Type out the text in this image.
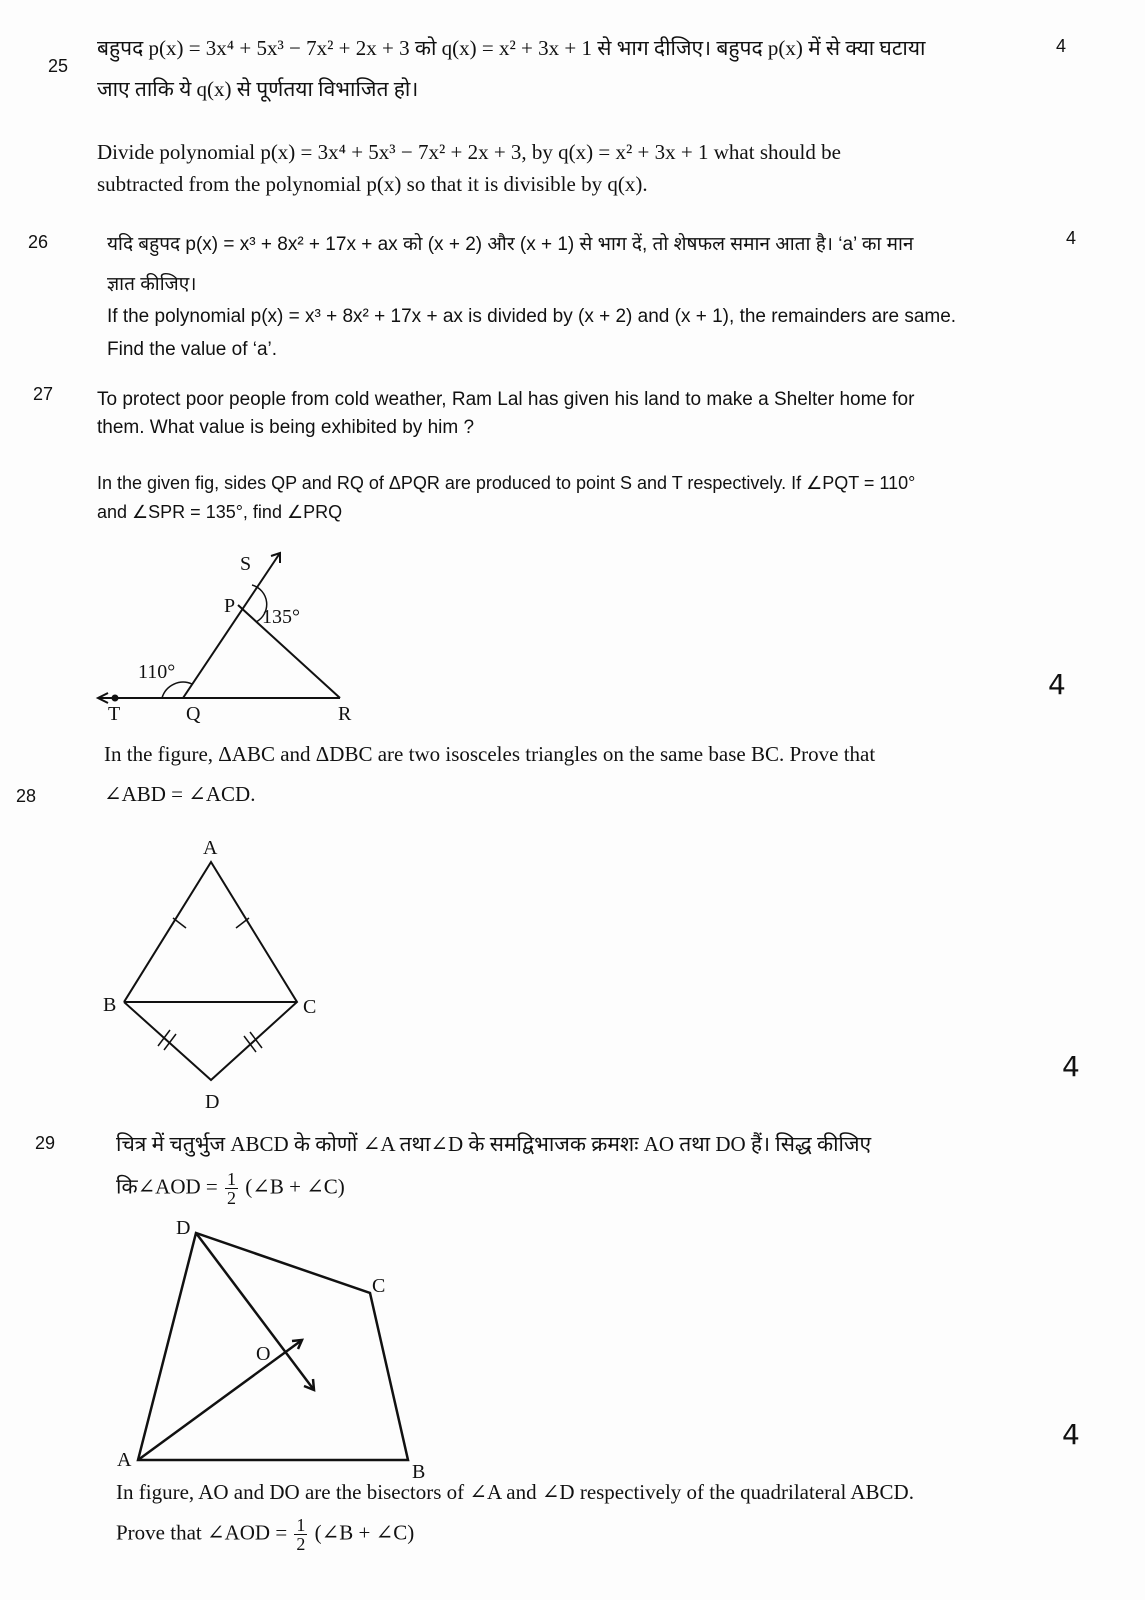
25
बहुपद p(x) = 3x⁴ + 5x³ − 7x² + 2x + 3 को q(x) = x² + 3x + 1 से भाग दीजिए। बहुपद p(x) में से क्या घटाया	4
जाए ताकि ये q(x) से पूर्णतया विभाजित हो।
Divide polynomial p(x) = 3x⁴ + 5x³ − 7x² + 2x + 3, by q(x) = x² + 3x + 1 what should be
subtracted from the polynomial p(x) so that it is divisible by q(x).
26	यदि बहुपद p(x) = x³ + 8x² + 17x + ax को (x + 2) और (x + 1) से भाग दें, तो शेषफल समान आता है। ‘a’ का मान	4
ज्ञात कीजिए।
If the polynomial p(x) = x³ + 8x² + 17x + ax is divided by (x + 2) and (x + 1), the remainders are same.
Find the value of ‘a’.
27 To protect poor people from cold weather, Ram Lal has given his land to make a Shelter home for
them. What value is being exhibited by him ?
In the given fig, sides QP and RQ of ΔPQR are produced to point S and T respectively. If ∠PQT = 110°
and ∠SPR = 135°, find ∠PRQ
4
28
In the figure, ΔABC and ΔDBC are two isosceles triangles on the same base BC. Prove that
∠ABD = ∠ACD.
4
29	चित्र में चतुर्भुज ABCD के कोणों ∠A तथा∠D के समद्विभाजक क्रमशः AO तथा DO हैं। सिद्ध कीजिए
कि∠AOD = $\frac{1}{2}$ (∠B + ∠C)
4
In figure, AO and DO are the bisectors of ∠A and ∠D respectively of the quadrilateral ABCD.
Prove that ∠AOD = $\frac{1}{2}$ (∠B + ∠C)
S
P 135°
110°
T	Q	R
A
B	C
D
D
C
B
A
O
